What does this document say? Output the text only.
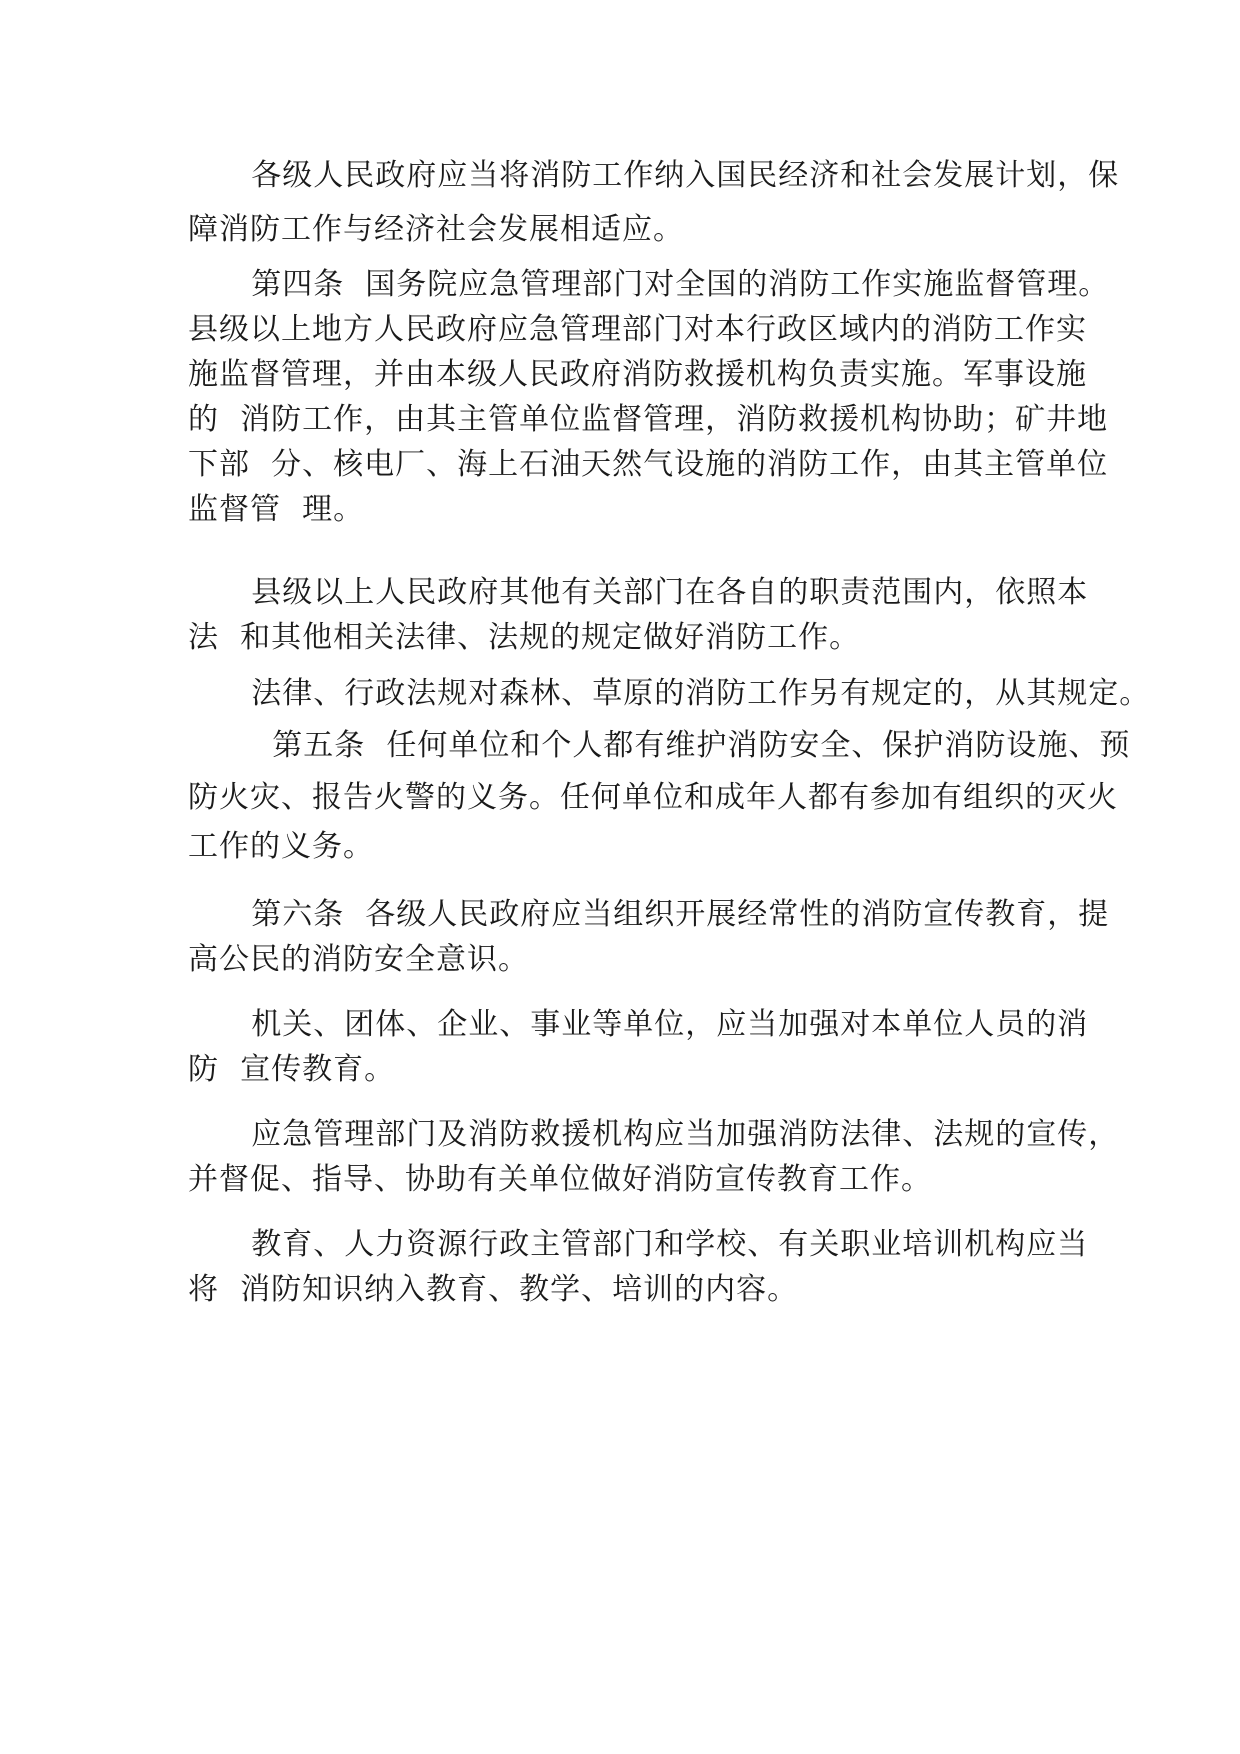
各级人民政府应当将消防工作纳入国民经济和社会发展计划，保
障消防工作与经济社会发展相适应。
第四条  国务院应急管理部门对全国的消防工作实施监督管理。
县级以上地方人民政府应急管理部门对本行政区域内的消防工作实
施监督管理，并由本级人民政府消防救援机构负责实施。军事设施
的  消防工作，由其主管单位监督管理，消防救援机构协助；矿井地
下部  分、核电厂、海上石油天然气设施的消防工作，由其主管单位
监督管  理。
县级以上人民政府其他有关部门在各自的职责范围内，依照本
法  和其他相关法律、法规的规定做好消防工作。
法律、行政法规对森林、草原的消防工作另有规定的，从其规定。
第五条  任何单位和个人都有维护消防安全、保护消防设施、预
防火灾、报告火警的义务。任何单位和成年人都有参加有组织的灭火
工作的义务。
第六条  各级人民政府应当组织开展经常性的消防宣传教育，提
高公民的消防安全意识。
机关、团体、企业、事业等单位，应当加强对本单位人员的消
防  宣传教育。
应急管理部门及消防救援机构应当加强消防法律、法规的宣传，
并督促、指导、协助有关单位做好消防宣传教育工作。
教育、人力资源行政主管部门和学校、有关职业培训机构应当
将  消防知识纳入教育、教学、培训的内容。
